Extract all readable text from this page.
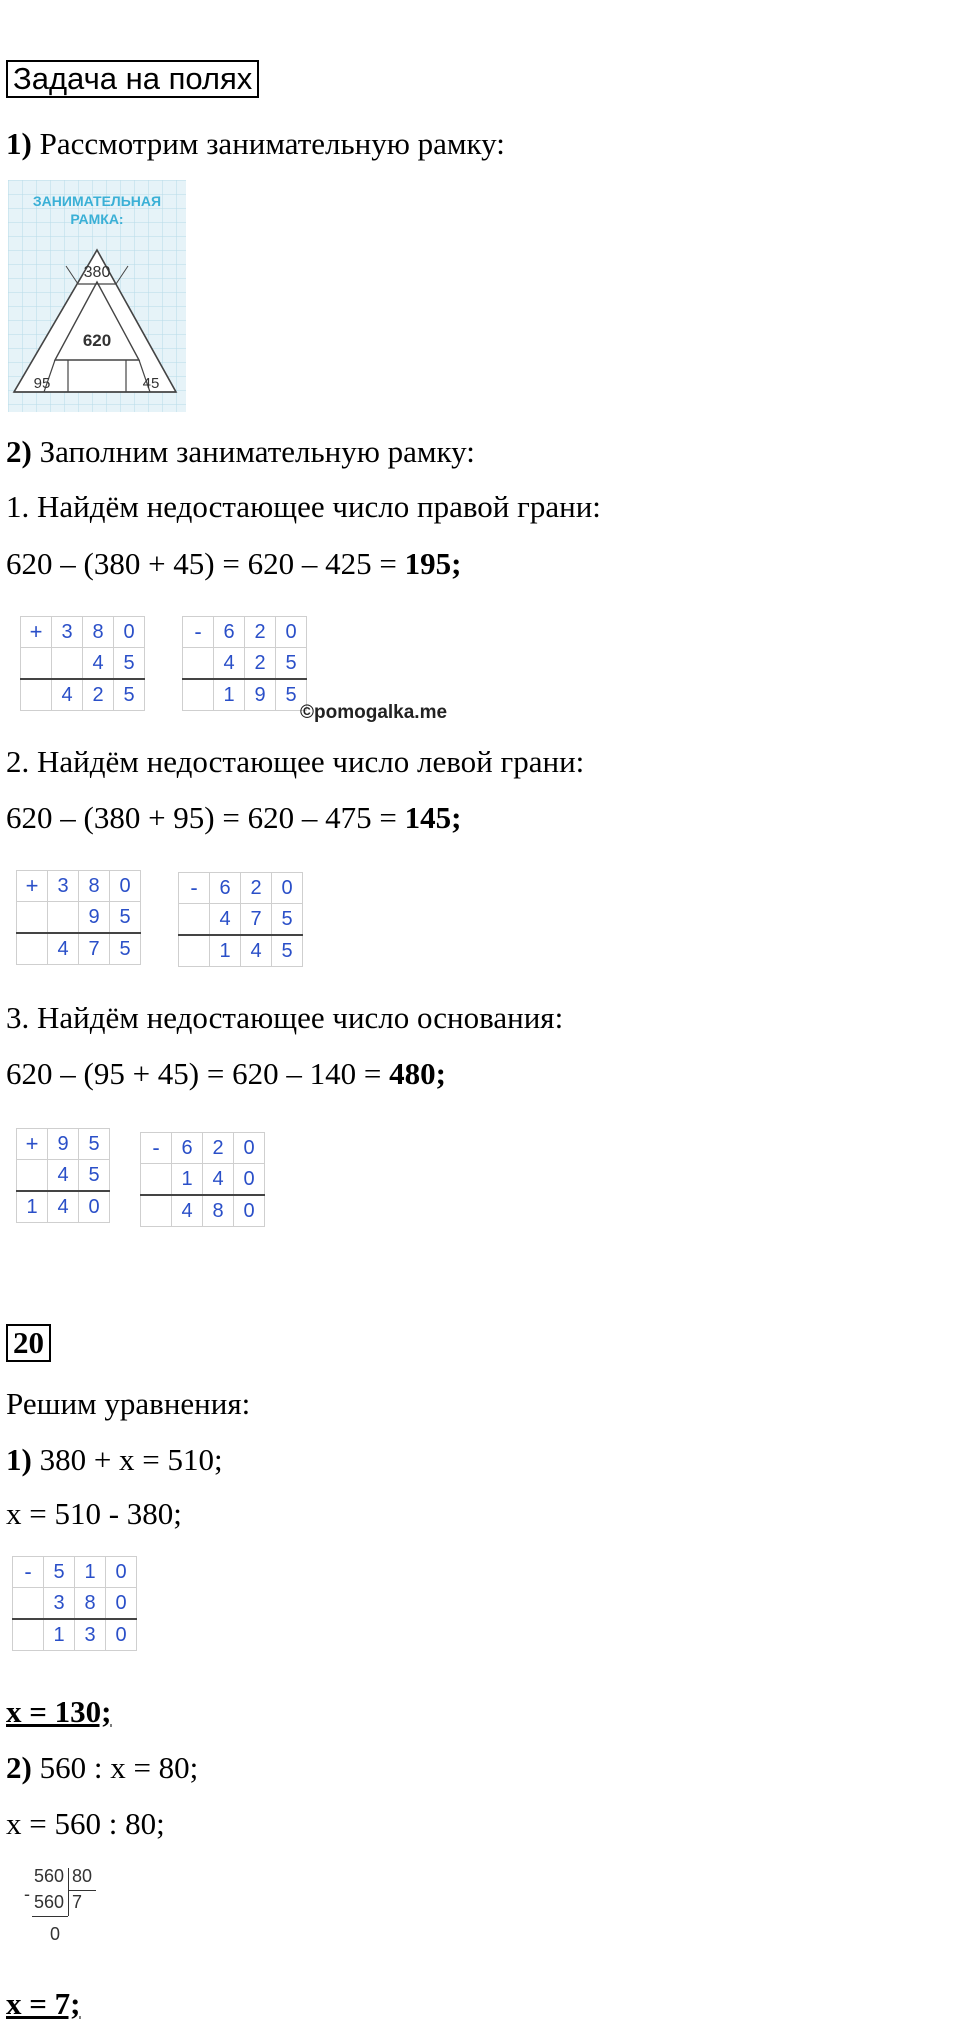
Задача на полях
1) Рассмотрим занимательную рамку:
ЗАНИМАТЕЛЬНАЯ
РАМКА:
380
620
95	45
2) Заполним занимательную рамку:
1. Найдём недостающее число правой грани:
620 – (380 + 45) = 620 – 425 = 195;
+	3	8	0
		4	5
	4	2	5
-	6	2	0
	4	2	5
	1	9	5
©pomogalka.me
2. Найдём недостающее число левой грани:
620 – (380 + 95) = 620 – 475 = 145;
+	3	8	0
		9	5
	4	7	5
-	6	2	0
	4	7	5
	1	4	5
3. Найдём недостающее число основания:
620 – (95 + 45) = 620 – 140 = 480;
+	9	5
	4	5
1	4	0
-	6	2	0
	1	4	0
	4	8	0
20
Решим уравнения:
1) 380 + x = 510;
x = 510 - 380;
-	5	1	0
	3	8	0
	1	3	0
x = 130;
2) 560 : x = 80;
x = 560 : 80;
560 80
- 560 7
0
x = 7;
